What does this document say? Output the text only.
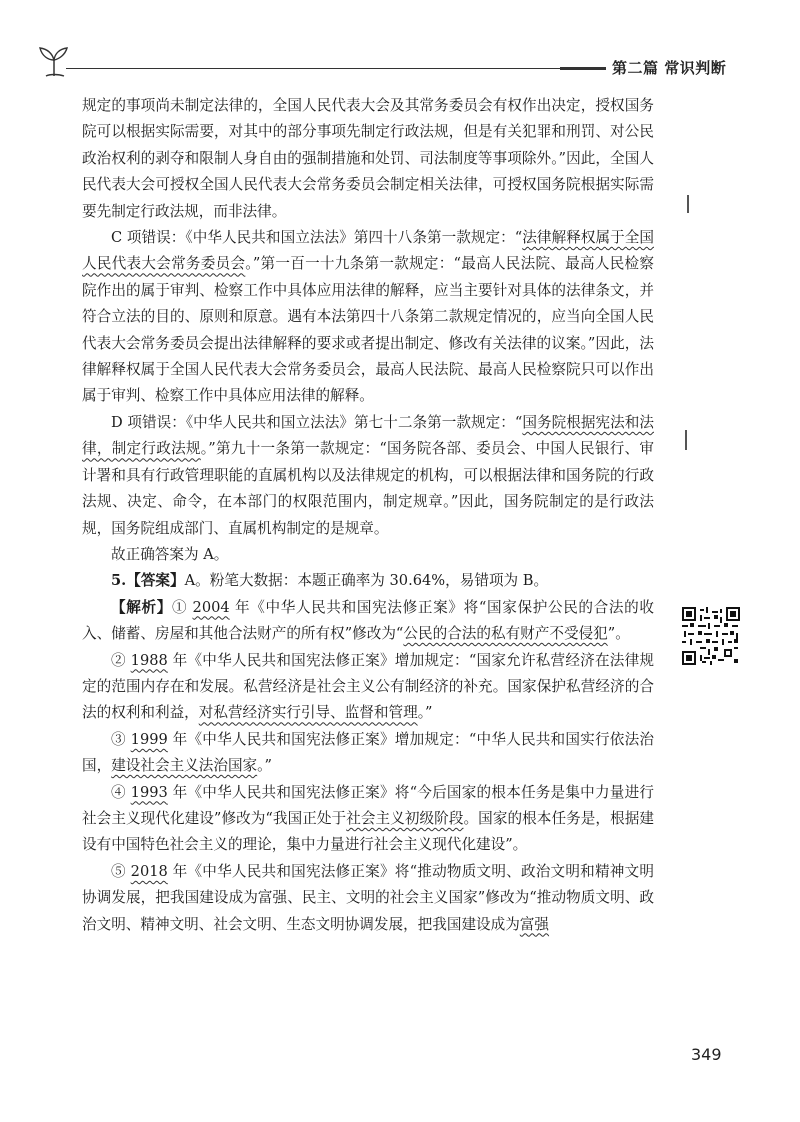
第二篇 常识判断

规定的事项尚未制定法律的，全国人民代表大会及其常务委员会有权作出决定，授权国务院可以根据实际需要，对其中的部分事项先制定行政法规，但是有关犯罪和刑罚、对公民政治权利的剥夺和限制人身自由的强制措施和处罚、司法制度等事项除外。”因此，全国人民代表大会可授权全国人民代表大会常务委员会制定相关法律，可授权国务院根据实际需要先制定行政法规，而非法律。

C 项错误：《中华人民共和国立法法》第四十八条第一款规定：“法律解释权属于全国人民代表大会常务委员会。”第一百一十九条第一款规定：“最高人民法院、最高人民检察院作出的属于审判、检察工作中具体应用法律的解释，应当主要针对具体的法律条文，并符合立法的目的、原则和原意。遇有本法第四十八条第二款规定情况的，应当向全国人民代表大会常务委员会提出法律解释的要求或者提出制定、修改有关法律的议案。”因此，法律解释权属于全国人民代表大会常务委员会，最高人民法院、最高人民检察院只可以作出属于审判、检察工作中具体应用法律的解释。

D 项错误：《中华人民共和国立法法》第七十二条第一款规定：“国务院根据宪法和法律，制定行政法规。”第九十一条第一款规定：“国务院各部、委员会、中国人民银行、审计署和具有行政管理职能的直属机构以及法律规定的机构，可以根据法律和国务院的行政法规、决定、命令，在本部门的权限范围内，制定规章。”因此，国务院制定的是行政法规，国务院组成部门、直属机构制定的是规章。

故正确答案为 A。

5.【答案】A。粉笔大数据：本题正确率为 30.64%，易错项为 B。

【解析】① 2004 年《中华人民共和国宪法修正案》将“国家保护公民的合法的收入、储蓄、房屋和其他合法财产的所有权”修改为“公民的合法的私有财产不受侵犯”。

② 1988 年《中华人民共和国宪法修正案》增加规定：“国家允许私营经济在法律规定的范围内存在和发展。私营经济是社会主义公有制经济的补充。国家保护私营经济的合法的权利和利益，对私营经济实行引导、监督和管理。”

③ 1999 年《中华人民共和国宪法修正案》增加规定：“中华人民共和国实行依法治国，建设社会主义法治国家。”

④ 1993 年《中华人民共和国宪法修正案》将“今后国家的根本任务是集中力量进行社会主义现代化建设”修改为“我国正处于社会主义初级阶段。国家的根本任务是，根据建设有中国特色社会主义的理论，集中力量进行社会主义现代化建设”。

⑤ 2018 年《中华人民共和国宪法修正案》将“推动物质文明、政治文明和精神文明协调发展，把我国建设成为富强、民主、文明的社会主义国家”修改为“推动物质文明、政治文明、精神文明、社会文明、生态文明协调发展，把我国建设成为富强

349
